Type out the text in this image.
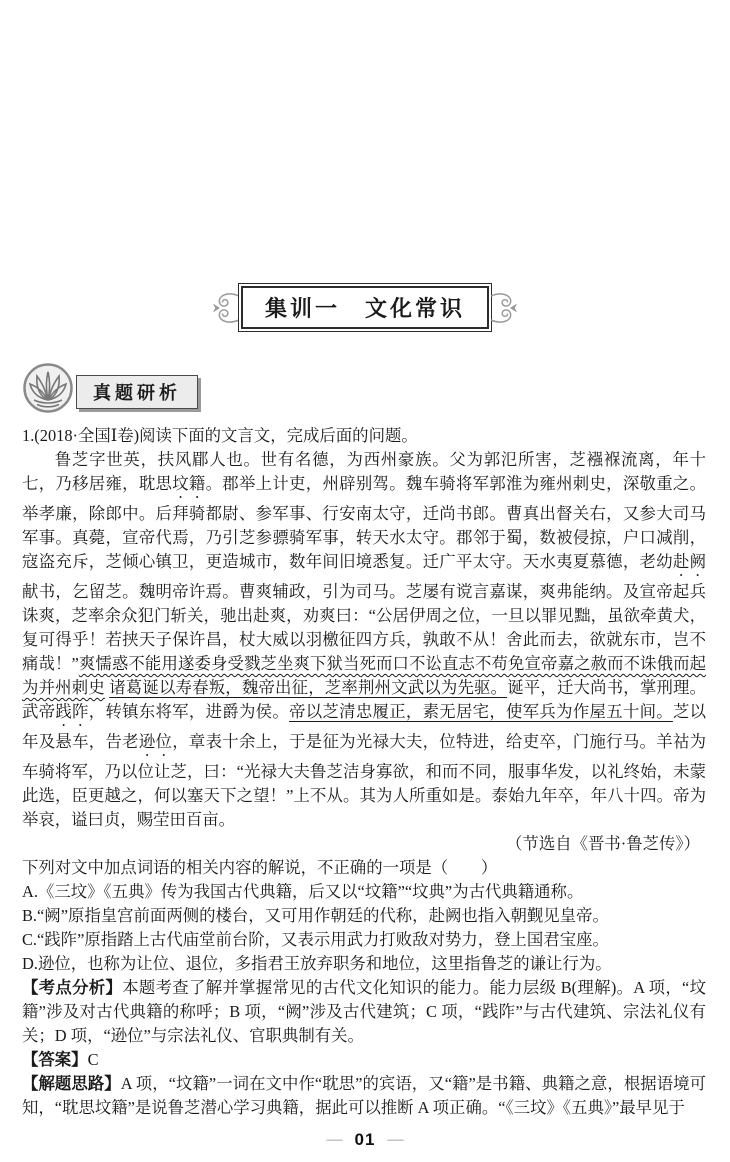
集训一　文化常识
真题研析

1.(2018·全国Ⅰ卷)阅读下面的文言文，完成后面的问题。

鲁芝字世英，扶风郿人也。世有名德，为西州豪族。父为郭氾所害，芝襁褓流离，年十七，乃移居雍，耽思坟籍。郡举上计吏，州辟别驾。魏车骑将军郭淮为雍州刺史，深敬重之。举孝廉，除郎中。后拜骑都尉、参军事、行安南太守，迁尚书郎。曹真出督关右，又参大司马军事。真薨，宣帝代焉，乃引芝参骠骑军事，转天水太守。郡邻于蜀，数被侵掠，户口减削，寇盗充斥，芝倾心镇卫，更造城市，数年间旧境悉复。迁广平太守。天水夷夏慕德，老幼赴阙献书，乞留芝。魏明帝许焉。曹爽辅政，引为司马。芝屡有谠言嘉谋，爽弗能纳。及宣帝起兵诛爽，芝率余众犯门斩关，驰出赴爽，劝爽曰：“公居伊周之位，一旦以罪见黜，虽欲牵黄犬，复可得乎！若挟天子保许昌，杖大威以羽檄征四方兵，孰敢不从！舍此而去，欲就东市，岂不痛哉！”爽懦惑不能用遂委身受戮芝坐爽下狱当死而口不讼直志不苟免宣帝嘉之赦而不诛俄而起为并州刺史 诸葛诞以寿春叛，魏帝出征，芝率荆州文武以为先驱。诞平，迁大尚书，掌刑理。武帝践阼，转镇东将军，进爵为侯。帝以芝清忠履正，素无居宅，使军兵为作屋五十间。芝以年及悬车，告老逊位，章表十余上，于是征为光禄大夫，位特进，给吏卒，门施行马。羊祜为车骑将军，乃以位让芝，曰：“光禄大夫鲁芝洁身寡欲，和而不同，服事华发，以礼终始，未蒙此选，臣更越之，何以塞天下之望！”上不从。其为人所重如是。泰始九年卒，年八十四。帝为举哀，谥曰贞，赐茔田百亩。

（节选自《晋书·鲁芝传》）

下列对文中加点词语的相关内容的解说，不正确的一项是（　　）

A.《三坟》《五典》传为我国古代典籍，后又以“坟籍”“坟典”为古代典籍通称。

B.“阙”原指皇宫前面两侧的楼台，又可用作朝廷的代称，赴阙也指入朝觐见皇帝。

C.“践阼”原指踏上古代庙堂前台阶，又表示用武力打败敌对势力，登上国君宝座。

D.逊位，也称为让位、退位，多指君王放弃职务和地位，这里指鲁芝的谦让行为。

【考点分析】本题考查了解并掌握常见的古代文化知识的能力。能力层级 B(理解)。A 项，“坟籍”涉及对古代典籍的称呼；B 项，“阙”涉及古代建筑；C 项，“践阼”与古代建筑、宗法礼仪有关；D 项，“逊位”与宗法礼仪、官职典制有关。

【答案】C

【解题思路】A 项，“坟籍”一词在文中作“耽思”的宾语，又“籍”是书籍、典籍之意，根据语境可知，“耽思坟籍”是说鲁芝潜心学习典籍，据此可以推断 A 项正确。“《三坟》《五典》”最早见于

— 01 —
